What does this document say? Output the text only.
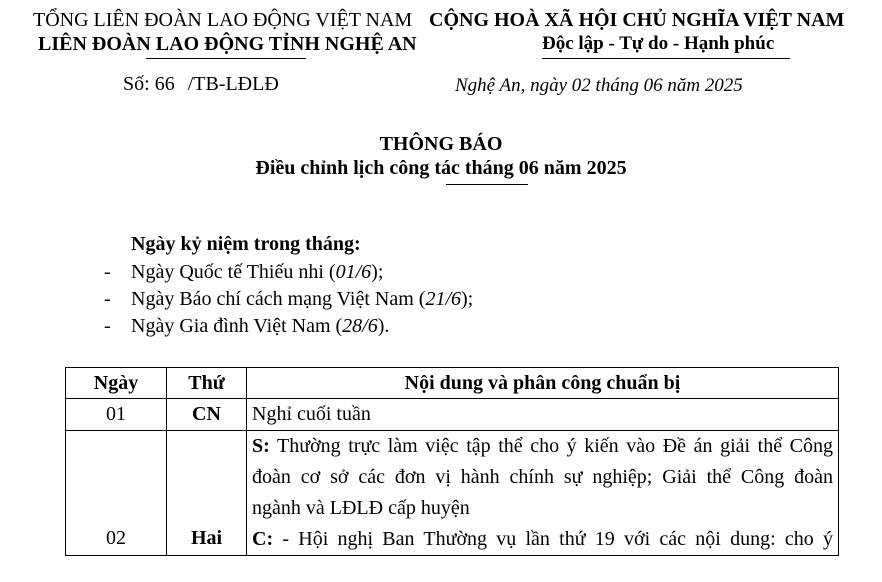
TỔNG LIÊN ĐOÀN LAO ĐỘNG VIỆT NAM
LIÊN ĐOÀN LAO ĐỘNG TỈNH NGHỆ AN
CỘNG HOÀ XÃ HỘI CHỦ NGHĨA VIỆT NAM
Độc lập - Tự do - Hạnh phúc
Số: 66 /TB-LĐLĐ	Nghệ An, ngày 02 tháng 06 năm 2025
THÔNG BÁO
Điều chỉnh lịch công tác tháng 06 năm 2025
Ngày kỷ niệm trong tháng:
- Ngày Quốc tế Thiếu nhi (01/6);
- Ngày Báo chí cách mạng Việt Nam (21/6);
- Ngày Gia đình Việt Nam (28/6).
Ngày	Thứ	Nội dung và phân công chuẩn bị
01	CN	Nghỉ cuối tuần
02	Hai	S: Thường trực làm việc tập thể cho ý kiến vào Đề án giải thể Công
đoàn cơ sở các đơn vị hành chính sự nghiệp; Giải thể Công đoàn
ngành và LĐLĐ cấp huyện
C: - Hội nghị Ban Thường vụ lần thứ 19 với các nội dung: cho ý
